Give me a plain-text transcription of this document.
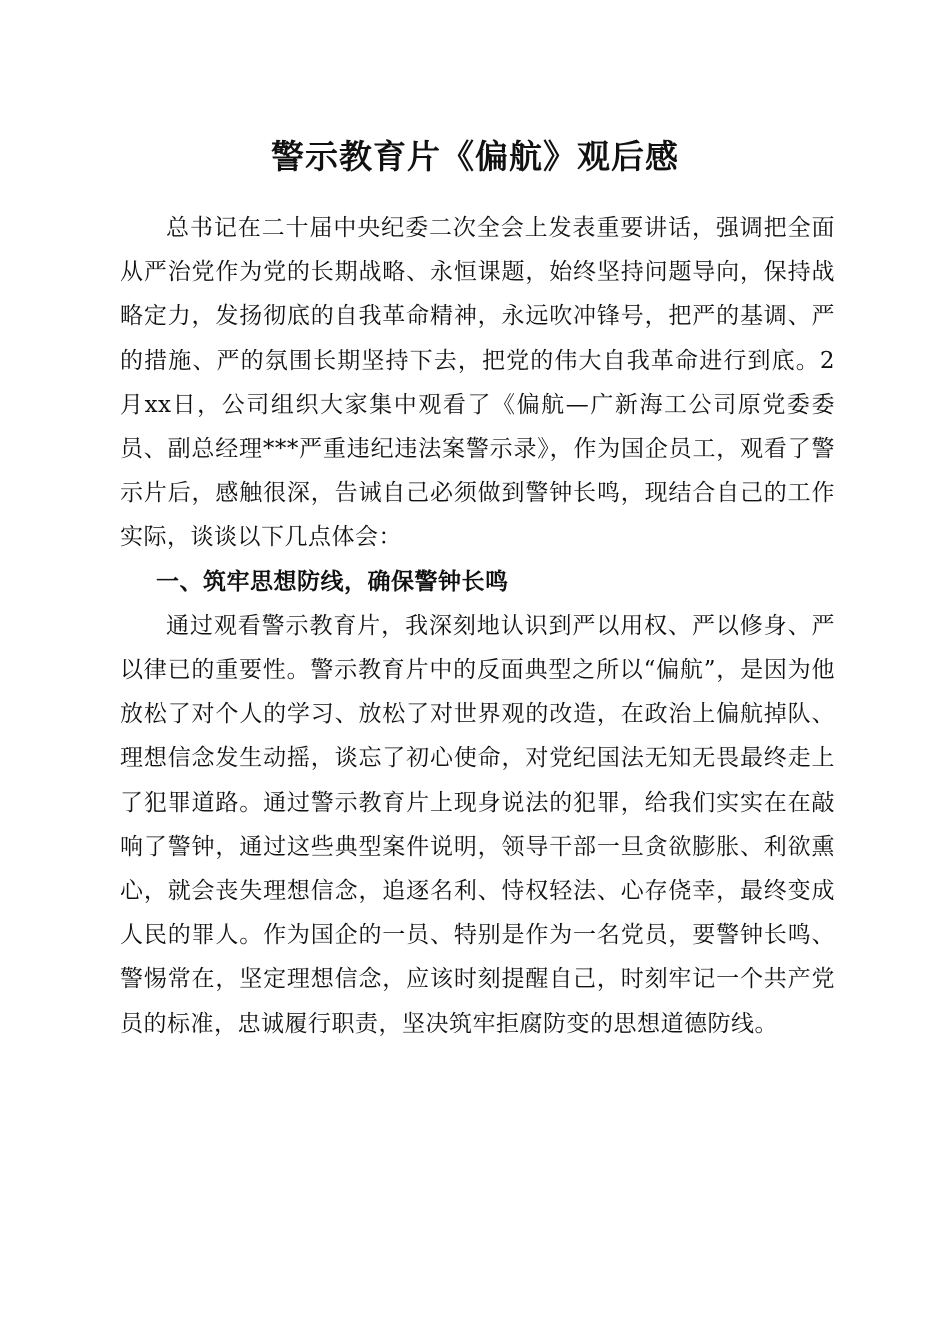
警示教育片《偏航》观后感

总书记在二十届中央纪委二次全会上发表重要讲话，强调把全面从严治党作为党的长期战略、永恒课题，始终坚持问题导向，保持战略定力，发扬彻底的自我革命精神，永远吹冲锋号，把严的基调、严的措施、严的氛围长期坚持下去，把党的伟大自我革命进行到底。2月xx日，公司组织大家集中观看了《偏航—广新海工公司原党委委员、副总经理***严重违纪违法案警示录》，作为国企员工，观看了警示片后，感触很深，告诫自己必须做到警钟长鸣，现结合自己的工作实际，谈谈以下几点体会：

一、筑牢思想防线，确保警钟长鸣

通过观看警示教育片，我深刻地认识到严以用权、严以修身、严以律已的重要性。警示教育片中的反面典型之所以“偏航”，是因为他放松了对个人的学习、放松了对世界观的改造，在政治上偏航掉队、理想信念发生动摇，谈忘了初心使命，对党纪国法无知无畏最终走上了犯罪道路。通过警示教育片上现身说法的犯罪，给我们实实在在敲响了警钟，通过这些典型案件说明，领导干部一旦贪欲膨胀、利欲熏心，就会丧失理想信念，追逐名利、恃权轻法、心存侥幸，最终变成人民的罪人。作为国企的一员、特别是作为一名党员，要警钟长鸣、警惕常在，坚定理想信念，应该时刻提醒自己，时刻牢记一个共产党员的标准，忠诚履行职责，坚决筑牢拒腐防变的思想道德防线。
